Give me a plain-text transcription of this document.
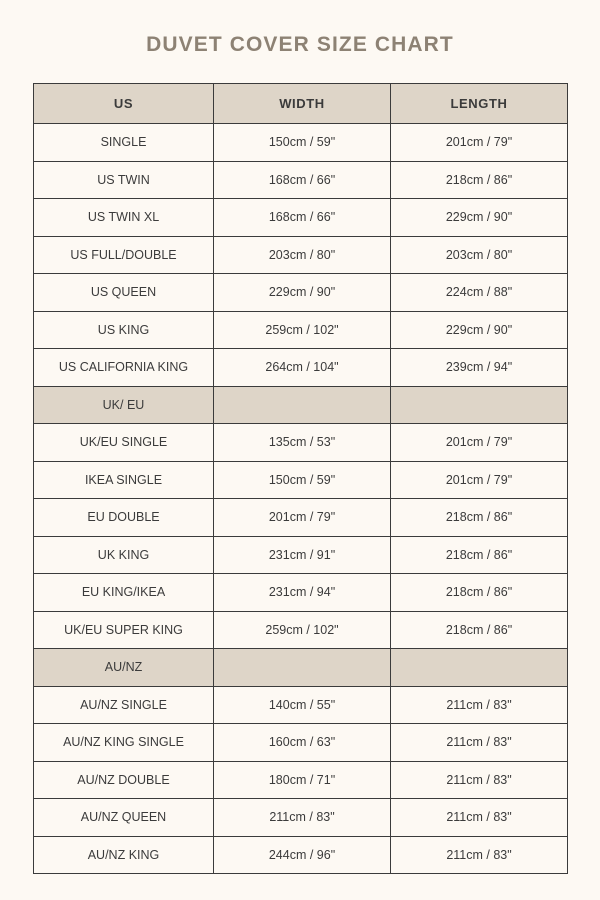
DUVET COVER SIZE CHART
US	WIDTH	LENGTH
SINGLE	150cm / 59"	201cm / 79"
US TWIN	168cm / 66"	218cm / 86"
US TWIN XL	168cm / 66"	229cm / 90"
US FULL/DOUBLE	203cm / 80"	203cm / 80"
US QUEEN	229cm / 90"	224cm / 88"
US KING	259cm / 102"	229cm / 90"
US CALIFORNIA KING	264cm / 104"	239cm / 94"
UK/ EU		
UK/EU SINGLE	135cm / 53"	201cm / 79"
IKEA SINGLE	150cm / 59"	201cm / 79"
EU DOUBLE	201cm / 79"	218cm / 86"
UK KING	231cm / 91"	218cm / 86"
EU KING/IKEA	231cm / 94"	218cm / 86"
UK/EU SUPER KING	259cm / 102"	218cm / 86"
AU/NZ		
AU/NZ SINGLE	140cm / 55"	211cm / 83"
AU/NZ KING SINGLE	160cm / 63"	211cm / 83"
AU/NZ DOUBLE	180cm / 71"	211cm / 83"
AU/NZ QUEEN	211cm / 83"	211cm / 83"
AU/NZ KING	244cm / 96"	211cm / 83"
